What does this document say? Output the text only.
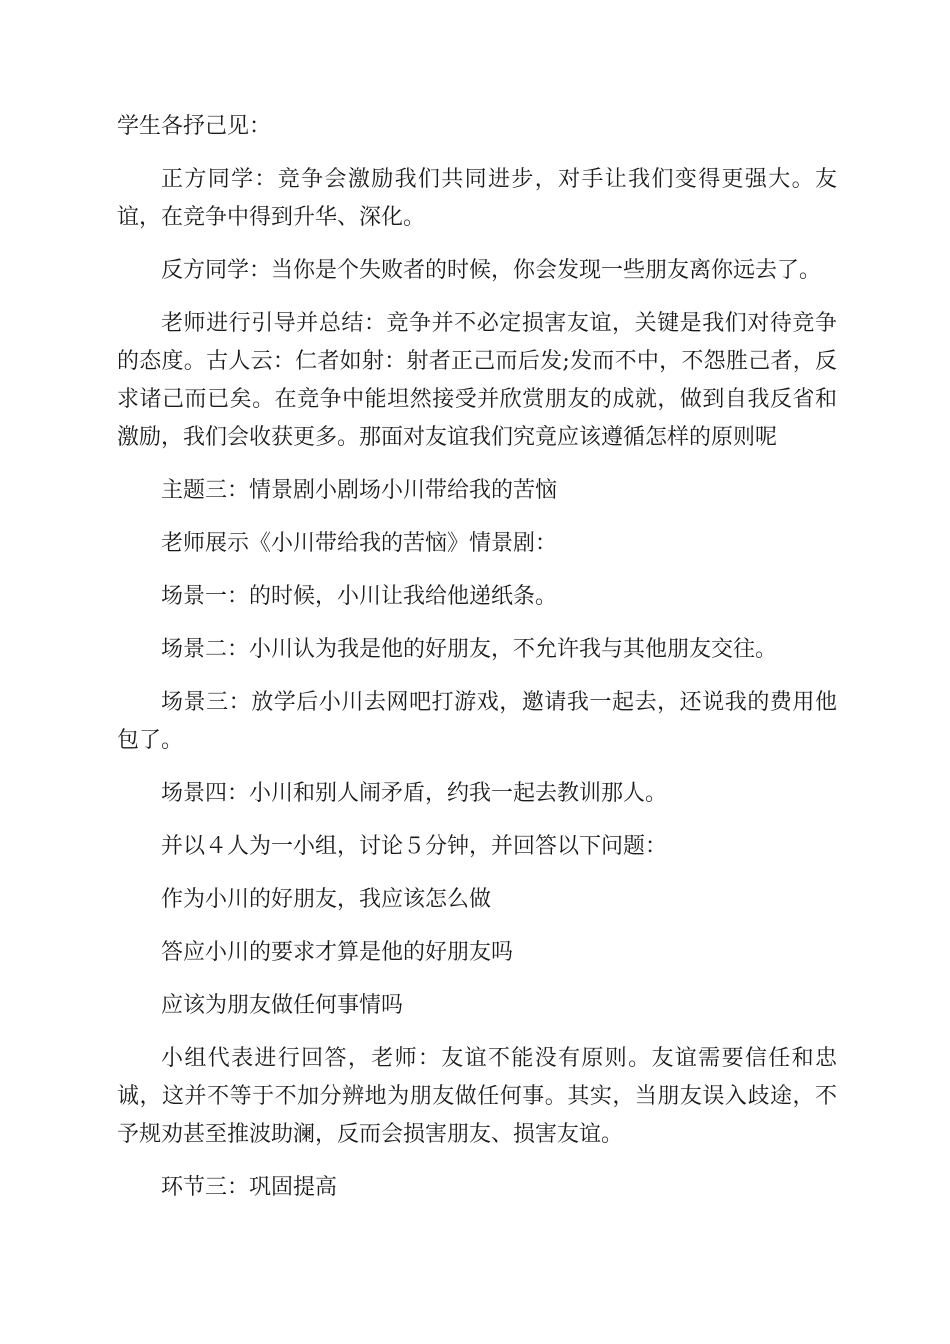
学生各抒己见：

正方同学：竞争会激励我们共同进步，对手让我们变得更强大。友谊，在竞争中得到升华、深化。

反方同学：当你是个失败者的时候，你会发现一些朋友离你远去了。

老师进行引导并总结：竞争并不必定损害友谊，关键是我们对待竞争的态度。古人云：仁者如射：射者正己而后发;发而不中，不怨胜己者，反求诸己而已矣。在竞争中能坦然接受并欣赏朋友的成就，做到自我反省和激励，我们会收获更多。那面对友谊我们究竟应该遵循怎样的原则呢

主题三：情景剧小剧场小川带给我的苦恼

老师展示《小川带给我的苦恼》情景剧：

场景一：的时候，小川让我给他递纸条。

场景二：小川认为我是他的好朋友，不允许我与其他朋友交往。

场景三：放学后小川去网吧打游戏，邀请我一起去，还说我的费用他包了。

场景四：小川和别人闹矛盾，约我一起去教训那人。

并以４人为一小组，讨论５分钟，并回答以下问题：

作为小川的好朋友，我应该怎么做

答应小川的要求才算是他的好朋友吗

应该为朋友做任何事情吗

小组代表进行回答，老师：友谊不能没有原则。友谊需要信任和忠诚，这并不等于不加分辨地为朋友做任何事。其实，当朋友误入歧途，不予规劝甚至推波助澜，反而会损害朋友、损害友谊。

环节三：巩固提高
